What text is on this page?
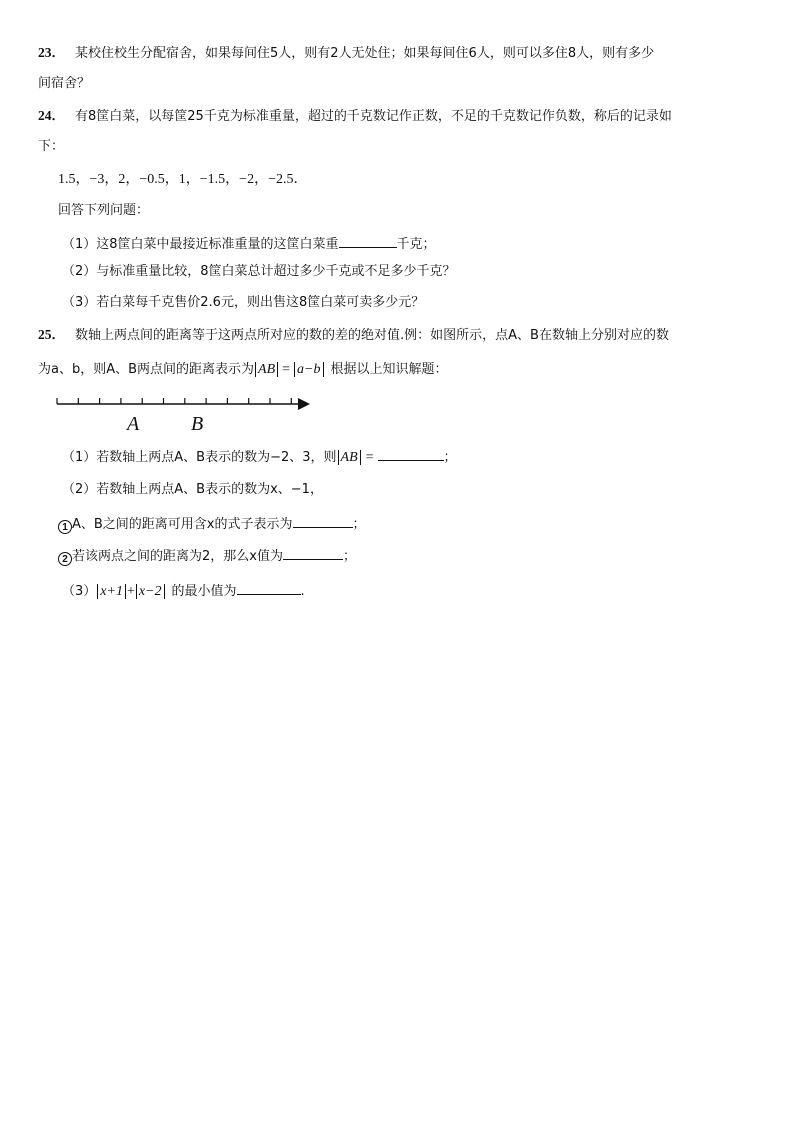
23． 某校住校生分配宿舍，如果每间住5人，则有2人无处住；如果每间住6人，则可以多住8人，则有多少
间宿舍？
24． 有8筐白菜，以每筐25千克为标准重量，超过的千克数记作正数，不足的千克数记作负数，称后的记录如
下：
1.5，−3，2，−0.5，1，−1.5，−2，−2.5．
回答下列问题：
（1）这8筐白菜中最接近标准重量的这筐白菜重	千克；
（2）与标准重量比较，8筐白菜总计超过多少千克或不足多少千克？
（3）若白菜每千克售价2.6元，则出售这8筐白菜可卖多少元？
25． 数轴上两点间的距离等于这两点所对应的数的差的绝对值.例：如图所示，点A、B在数轴上分别对应的数
为a、b，则A、B两点间的距离表示为 AB = a−b 根据以上知识解题：
A	B
（1）若数轴上两点A、B表示的数为−2、3，则 AB =	；
（2）若数轴上两点A、B表示的数为x、−1，
1 A、B之间的距离可用含x的式子表示为	；
2 若该两点之间的距离为2，那么x值为	；
（3） x+1 + x−2 的最小值为	.
